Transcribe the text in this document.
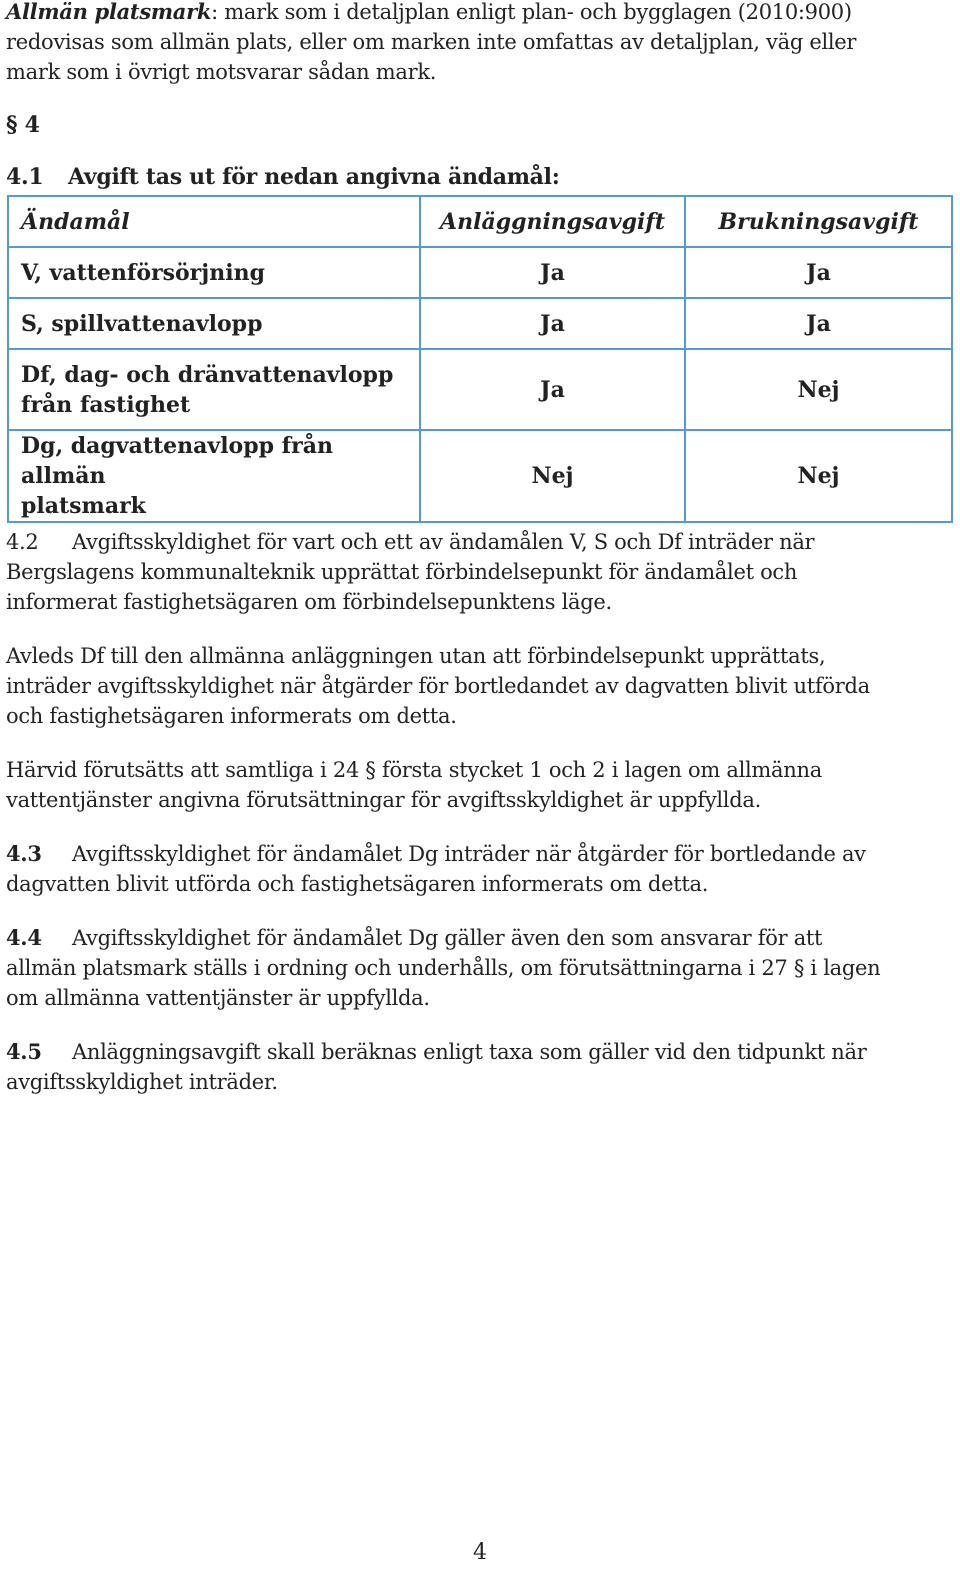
Allmän platsmark: mark som i detaljplan enligt plan- och bygglagen (2010:900)
redovisas som allmän plats, eller om marken inte omfattas av detaljplan, väg eller
mark som i övrigt motsvarar sådan mark.
§ 4
4.1 Avgift tas ut för nedan angivna ändamål:
Ändamål	Anläggningsavgift	Brukningsavgift
V, vattenförsörjning	Ja	Ja
S, spillvattenavlopp	Ja	Ja

Df, dag- och dränvattenavlopp
från fastighet	Ja	Nej

Dg, dagvattenavlopp från allmän
platsmark	Nej	Nej
4.2 Avgiftsskyldighet för vart och ett av ändamålen V, S och Df inträder när
Bergslagens kommunalteknik upprättat förbindelsepunkt för ändamålet och
informerat fastighetsägaren om förbindelsepunktens läge.
Avleds Df till den allmänna anläggningen utan att förbindelsepunkt upprättats,
inträder avgiftsskyldighet när åtgärder för bortledandet av dagvatten blivit utförda
och fastighetsägaren informerats om detta.
Härvid förutsätts att samtliga i 24 § första stycket 1 och 2 i lagen om allmänna
vattentjänster angivna förutsättningar för avgiftsskyldighet är uppfyllda.
4.3 Avgiftsskyldighet för ändamålet Dg inträder när åtgärder för bortledande av
dagvatten blivit utförda och fastighetsägaren informerats om detta.
4.4 Avgiftsskyldighet för ändamålet Dg gäller även den som ansvarar för att
allmän platsmark ställs i ordning och underhålls, om förutsättningarna i 27 § i lagen
om allmänna vattentjänster är uppfyllda.
4.5 Anläggningsavgift skall beräknas enligt taxa som gäller vid den tidpunkt när
avgiftsskyldighet inträder.
4
